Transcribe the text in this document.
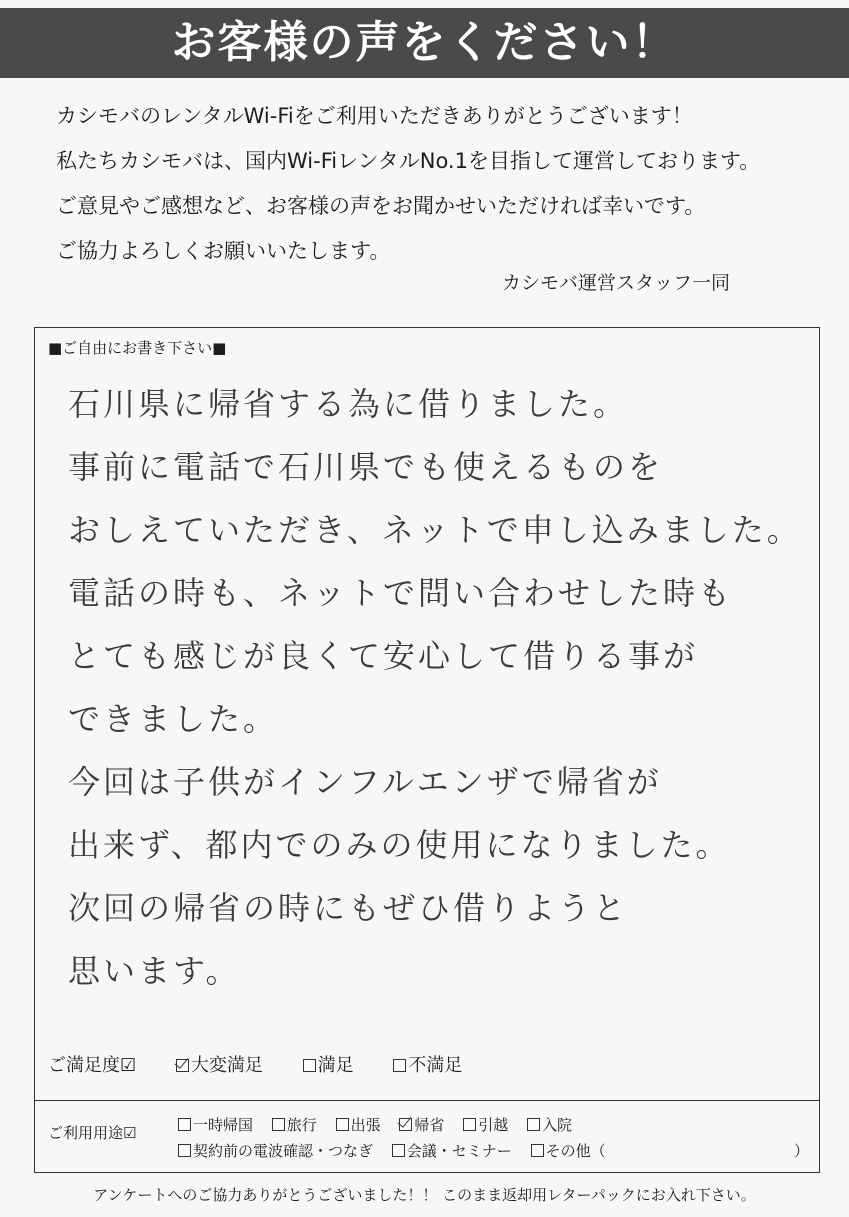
お客様の声をください！
カシモバのレンタルWi-Fiをご利用いただきありがとうございます！
私たちカシモバは、国内Wi-FiレンタルNo.1を目指して運営しております。
ご意見やご感想など、お客様の声をお聞かせいただければ幸いです。
ご協力よろしくお願いいたします。
カシモバ運営スタッフ一同
■ご自由にお書き下さい■
石川県に帰省する為に借りました。
事前に電話で石川県でも使えるものを
おしえていただき、ネットで申し込みました。
電話の時も、ネットで問い合わせした時も
とても感じが良くて安心して借りる事が
できました。
今回は子供がインフルエンザで帰省が
出来ず、都内でのみの使用になりました。
次回の帰省の時にもぜひ借りようと
思います。
ご満足度☑	大変満足	満足	不満足
ご利用用途☑	一時帰国 旅行 出張 帰省 引越 入院
契約前の電波確認・つなぎ 会議・セミナー その他（	）
アンケートへのご協力ありがとうございました！！ このまま返却用レターパックにお入れ下さい。
